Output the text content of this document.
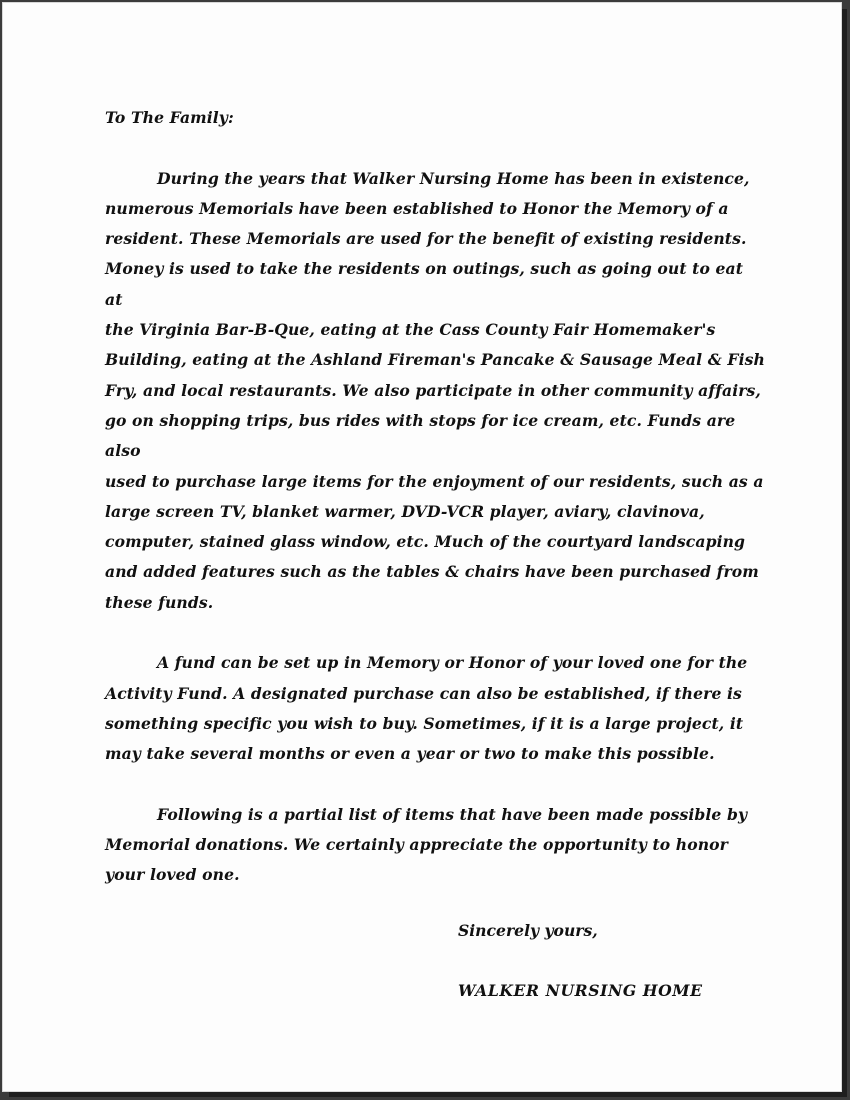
To The Family:

During the years that Walker Nursing Home has been in existence,
numerous Memorials have been established to Honor the Memory of a
resident. These Memorials are used for the benefit of existing residents.
Money is used to take the residents on outings, such as going out to eat at
the Virginia Bar-B-Que, eating at the Cass County Fair Homemaker's
Building, eating at the Ashland Fireman's Pancake & Sausage Meal & Fish
Fry, and local restaurants. We also participate in other community affairs,
go on shopping trips, bus rides with stops for ice cream, etc. Funds are also
used to purchase large items for the enjoyment of our residents, such as a
large screen TV, blanket warmer, DVD-VCR player, aviary, clavinova,
computer, stained glass window, etc. Much of the courtyard landscaping
and added features such as the tables & chairs have been purchased from
these funds.

A fund can be set up in Memory or Honor of your loved one for the
Activity Fund. A designated purchase can also be established, if there is
something specific you wish to buy. Sometimes, if it is a large project, it
may take several months or even a year or two to make this possible.

Following is a partial list of items that have been made possible by
Memorial donations. We certainly appreciate the opportunity to honor
your loved one.

Sincerely yours,
WALKER NURSING HOME
